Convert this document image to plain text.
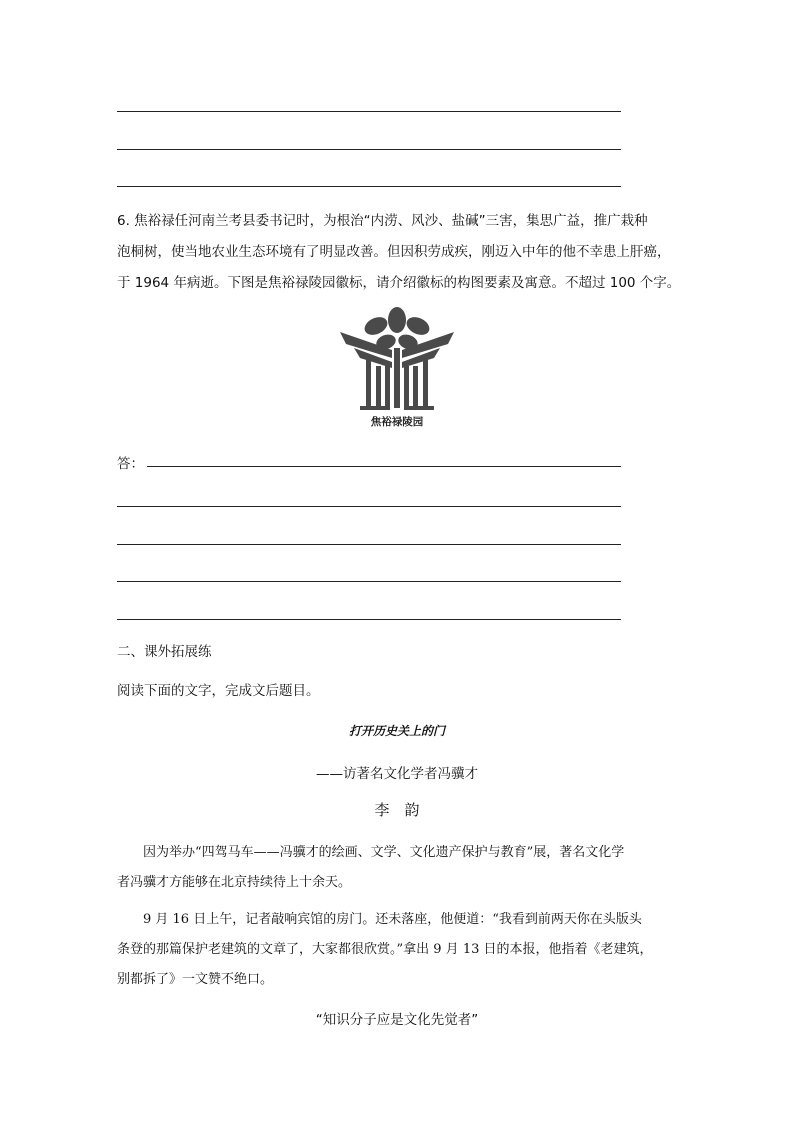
6. 焦裕禄任河南兰考县委书记时，为根治“内涝、风沙、盐碱”三害，集思广益，推广栽种

泡桐树，使当地农业生态环境有了明显改善。但因积劳成疾，刚迈入中年的他不幸患上肝癌，

于 1964 年病逝。下图是焦裕禄陵园徽标，请介绍徽标的构图要素及寓意。不超过 100 个字。

焦裕禄陵园
答：
二、课外拓展练
阅读下面的文字，完成文后题目。
打开历史关上的门
——访著名文化学者冯骥才
李　韵

　　因为举办“四驾马车——冯骥才的绘画、文学、文化遗产保护与教育”展，著名文化学

者冯骥才方能够在北京持续待上十余天。

　　9 月 16 日上午，记者敲响宾馆的房门。还未落座，他便道：“我看到前两天你在头版头

条登的那篇保护老建筑的文章了，大家都很欣赏。”拿出 9 月 13 日的本报，他指着《老建筑，

别都拆了》一文赞不绝口。

“知识分子应是文化先觉者”
